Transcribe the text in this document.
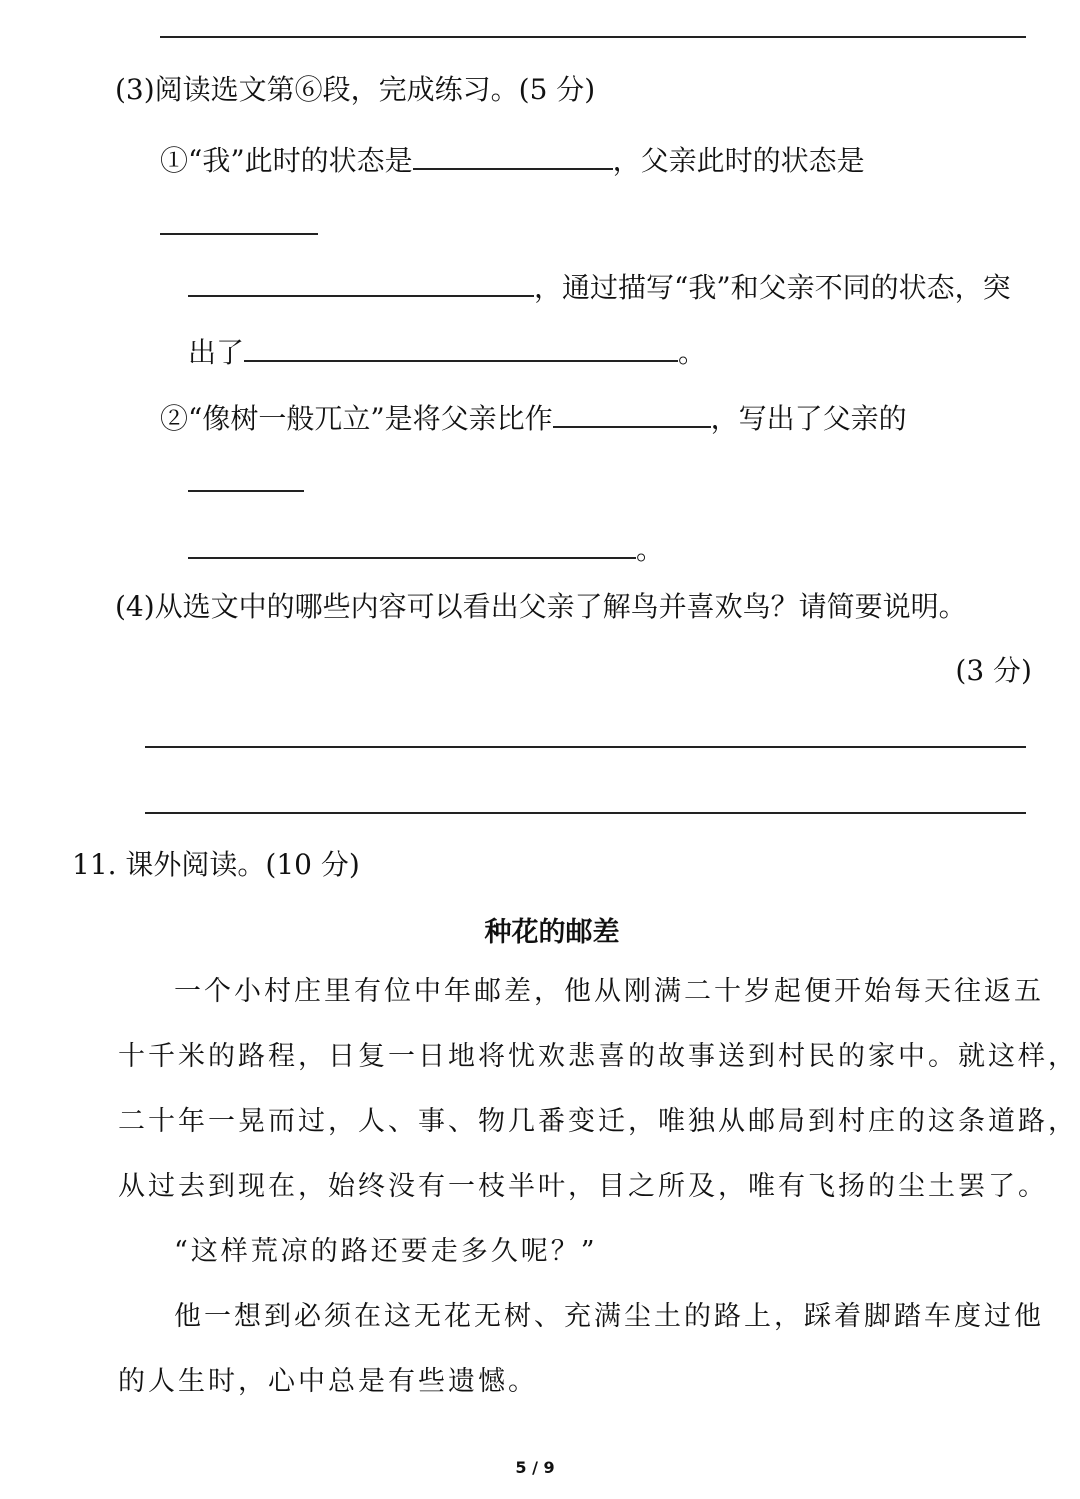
(3)阅读选文第⑥段，完成练习。(5 分)
①“我”此时的状态是	，父亲此时的状态是
，通过描写“我”和父亲不同的状态，突
出了	。
②“像树一般兀立”是将父亲比作	，写出了父亲的
。
(4)从选文中的哪些内容可以看出父亲了解鸟并喜欢鸟？请简要说明。
(3 分)
11. 课外阅读。(10 分)
种花的邮差
一个小村庄里有位中年邮差，他从刚满二十岁起便开始每天往返五
十千米的路程，日复一日地将忧欢悲喜的故事送到村民的家中。就这样，
二十年一晃而过，人、事、物几番变迁，唯独从邮局到村庄的这条道路，
从过去到现在，始终没有一枝半叶，目之所及，唯有飞扬的尘土罢了。
“这样荒凉的路还要走多久呢？”
他一想到必须在这无花无树、充满尘土的路上，踩着脚踏车度过他
的人生时，心中总是有些遗憾。
5 / 9
